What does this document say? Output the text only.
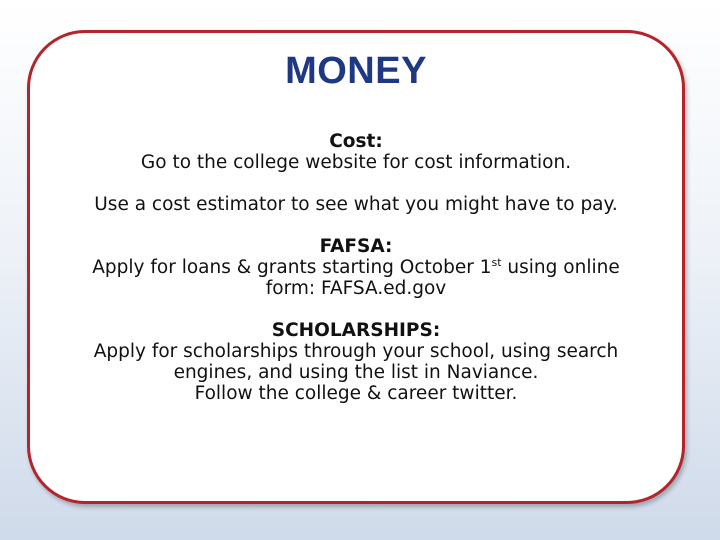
MONEY

Cost:
Go to the college website for cost information.

Use a cost estimator to see what you might have to pay.

FAFSA:
Apply for loans & grants starting October 1st using online
form: FAFSA.ed.gov

SCHOLARSHIPS:
Apply for scholarships through your school, using search
engines, and using the list in Naviance.
Follow the college & career twitter.
